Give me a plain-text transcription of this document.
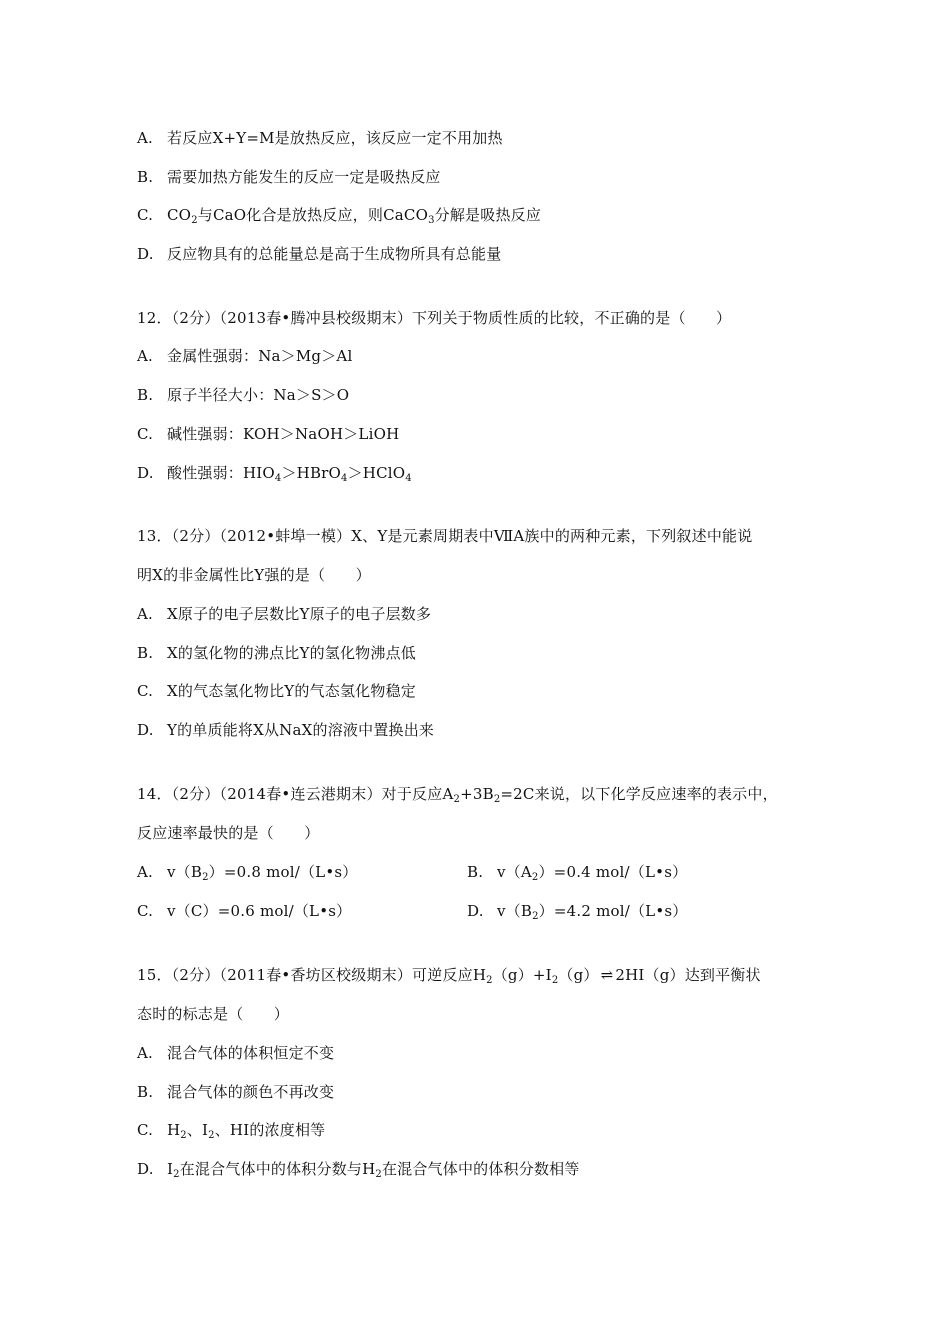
A. 若反应X+Y=M是放热反应，该反应一定不用加热
B. 需要加热方能发生的反应一定是吸热反应
C. $CO_2$与CaO化合是放热反应，则CaCO$_3$分解是吸热反应
D. 反应物具有的总能量总是高于生成物所具有总能量
12．（2分）（2013春•腾冲县校级期末）下列关于物质性质的比较，不正确的是（　　）
A. 金属性强弱：Na＞Mg＞Al
B. 原子半径大小：Na＞S＞O
C. 碱性强弱：KOH＞NaOH＞LiOH
D. 酸性强弱：$HIO_4>HBrO_4>HClO_4$
13．（2分）（2012•蚌埠一模）X、Y是元素周期表中ⅦA族中的两种元素，下列叙述中能说
明X的非金属性比Y强的是（　　）
A. X原子的电子层数比Y原子的电子层数多
B. X的氢化物的沸点比Y的氢化物沸点低
C. X的气态氢化物比Y的气态氢化物稳定
D. Y的单质能将X从NaX的溶液中置换出来
14．（2分）（2014春•连云港期末）对于反应$A_2+3B_2=2C$来说，以下化学反应速率的表示中，
反应速率最快的是（　　）
A. $v(B_2)=0.8$ mol/（L•s）	B. $v(A_2)=0.4$ mol/（L•s）
C. v（C）=0.6 mol/（L•s）	D. $v(B_2)=4.2$ mol/（L•s）
15．（2分）（2011春•香坊区校级期末）可逆反应$H_2(g)+I_2(g)$ ⇌ 2HI（g）达到平衡状
态时的标志是（　　）
A. 混合气体的体积恒定不变
B. 混合气体的颜色不再改变
C. $H_2$、$I_2$、HI的浓度相等
D. $I_2$在混合气体中的体积分数与$H_2$在混合气体中的体积分数相等
